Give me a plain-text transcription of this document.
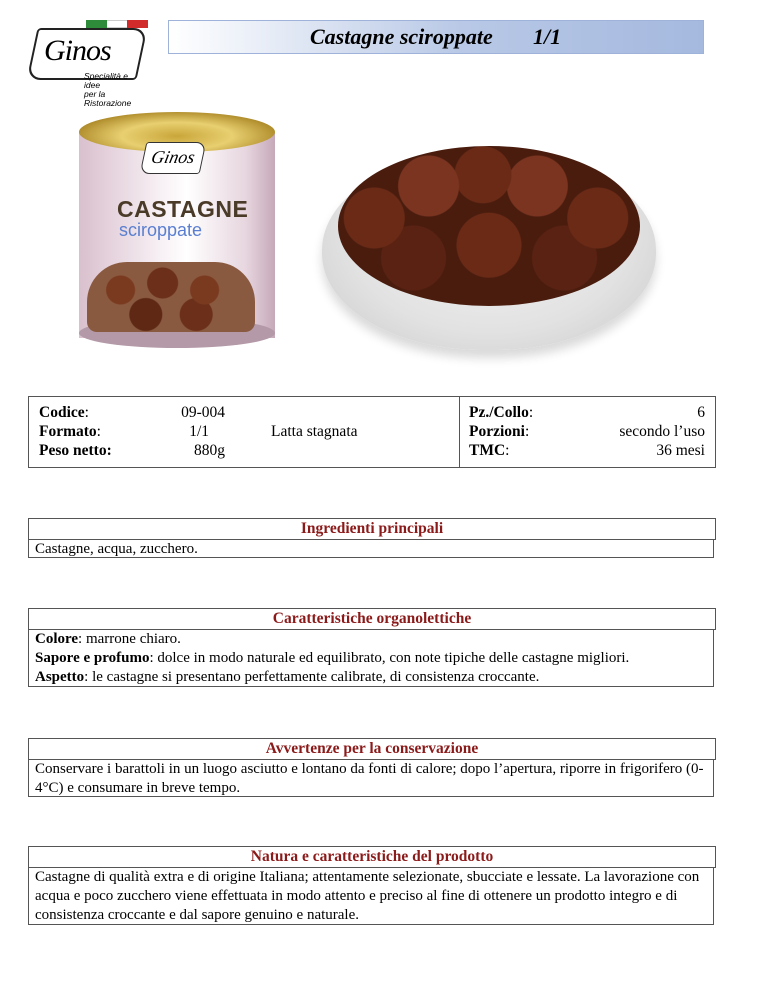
Ginos
Specialità e idee
per la Ristorazione
Castagne sciroppate 1/1
Ginos
CASTAGNE
sciroppate
Codice:
Formato:
Peso netto:
09-004
1/1
880g
Latta stagnata
Pz./Collo:
Porzioni:
TMC:
6
secondo l’uso
36 mesi
Ingredienti principali
Castagne, acqua, zucchero.
Caratteristiche organolettiche
Colore: marrone chiaro.
Sapore e profumo: dolce in modo naturale ed equilibrato, con note tipiche delle castagne migliori.
Aspetto: le castagne si presentano perfettamente calibrate, di consistenza croccante.
Avvertenze per la conservazione
Conservare i barattoli in un luogo asciutto e lontano da fonti di calore; dopo l’apertura, riporre in frigorifero (0-4°C) e consumare in breve tempo.
Natura e caratteristiche del prodotto
Castagne di qualità extra e di origine Italiana; attentamente selezionate, sbucciate e lessate. La lavorazione con acqua e poco zucchero viene effettuata in modo attento e preciso al fine di ottenere un prodotto integro e di consistenza croccante e dal sapore genuino e naturale.
